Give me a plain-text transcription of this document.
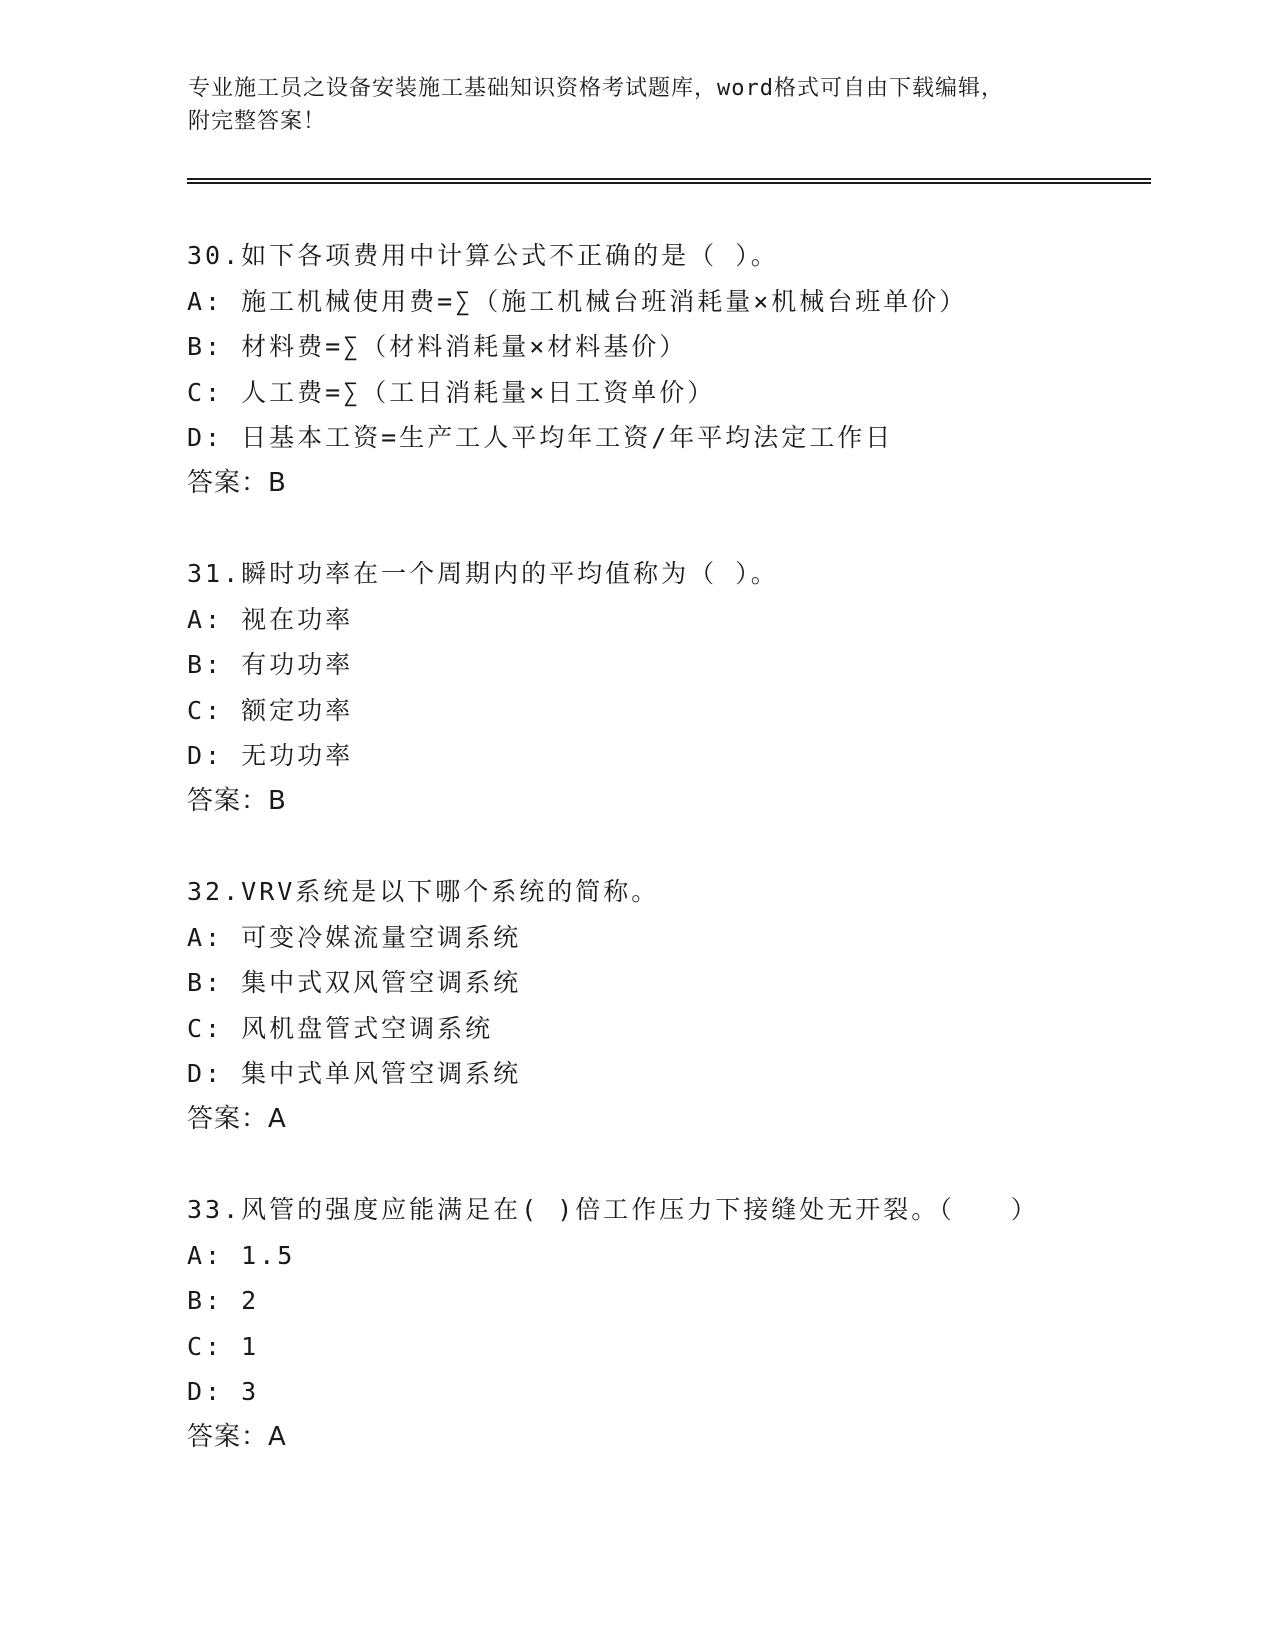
专业施工员之设备安装施工基础知识资格考试题库，word格式可自由下载编辑，
附完整答案！
30.如下各项费用中计算公式不正确的是（ ）。
A: 施工机械使用费=∑（施工机械台班消耗量×机械台班单价）
B: 材料费=∑（材料消耗量×材料基价）
C: 人工费=∑（工日消耗量×日工资单价）
D: 日基本工资=生产工人平均年工资/年平均法定工作日
答案：B
31.瞬时功率在一个周期内的平均值称为（ ）。
A: 视在功率
B: 有功功率
C: 额定功率
D: 无功功率
答案：B
32.VRV系统是以下哪个系统的简称。
A: 可变冷媒流量空调系统
B: 集中式双风管空调系统
C: 风机盘管式空调系统
D: 集中式单风管空调系统
答案：A
33.风管的强度应能满足在( )倍工作压力下接缝处无开裂。（　　）
A: 1.5
B: 2
C: 1
D: 3
答案：A
